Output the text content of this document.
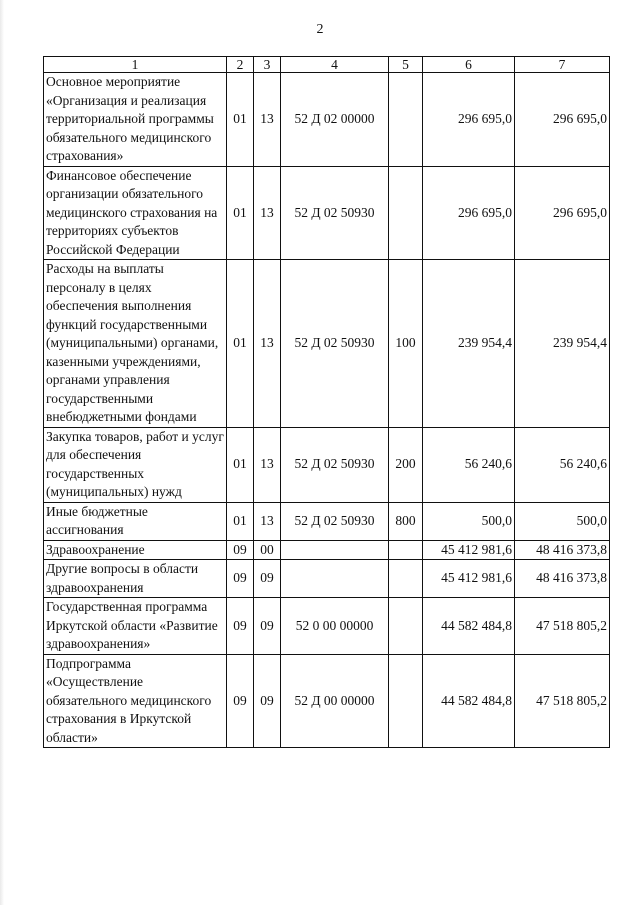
2
1	2	3	4	5	6	7
Основное мероприятие «Организация и реализация территориальной программы обязательного медицинского страхования»	01	13	52 Д 02 00000		296 695,0	296 695,0
Финансовое обеспечение организации обязательного медицинского страхования на территориях субъектов Российской Федерации	01	13	52 Д 02 50930		296 695,0	296 695,0
Расходы на выплаты персоналу в целях обеспечения выполнения функций государственными (муниципальными) органами, казенными учреждениями, органами управления государственными внебюджетными фондами	01	13	52 Д 02 50930	100	239 954,4	239 954,4
Закупка товаров, работ и услуг для обеспечения государственных (муниципальных) нужд	01	13	52 Д 02 50930	200	56 240,6	56 240,6
Иные бюджетные ассигнования	01	13	52 Д 02 50930	800	500,0	500,0
Здравоохранение	09	00			45 412 981,6	48 416 373,8
Другие вопросы в области здравоохранения	09	09			45 412 981,6	48 416 373,8
Государственная программа Иркутской области «Развитие здравоохранения»	09	09	52 0 00 00000		44 582 484,8	47 518 805,2
Подпрограмма «Осуществление обязательного медицинского страхования в Иркутской области»	09	09	52 Д 00 00000		44 582 484,8	47 518 805,2
